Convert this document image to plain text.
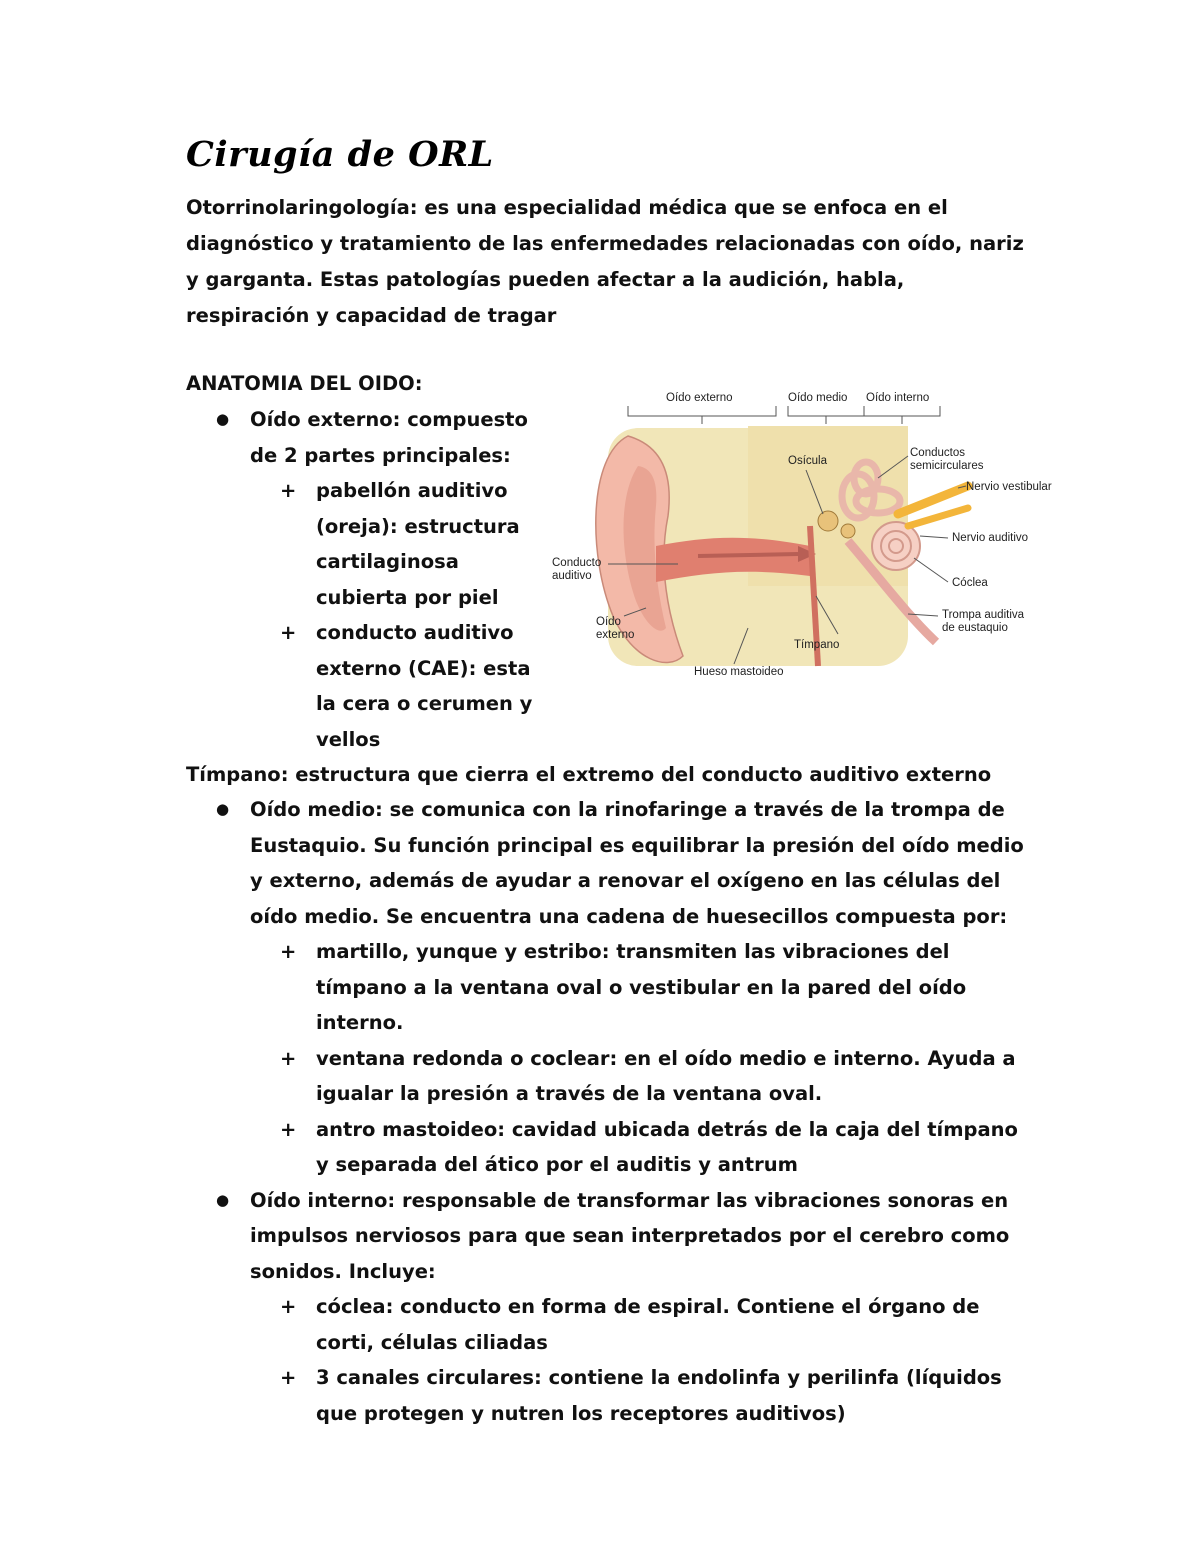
Cirugía de ORL

Otorrinolaringología: es una especialidad médica que se enfoca en el diagnóstico y tratamiento de las enfermedades relacionadas con oído, nariz y garganta. Estas patologías pueden afectar a la audición, habla, respiración y capacidad de tragar

ANATOMIA DEL OIDO:
● Oído externo: compuesto de 2 partes principales:
+ pabellón auditivo (oreja): estructura cartilaginosa cubierta por piel
+ conducto auditivo externo (CAE): esta la cera o cerumen y vellos
Oído externo	Oído medio Oído interno
Osícula
Conductos
semicirculares
Nervio vestibular
Nervio auditivo
Cóclea
Trompa auditiva
de eustaquio
Tímpano
Hueso mastoideo
Conducto
auditivo
Oído
externo

Tímpano: estructura que cierra el extremo del conducto auditivo externo

● Oído medio: se comunica con la rinofaringe a través de la trompa de Eustaquio. Su función principal es equilibrar la presión del oído medio y externo, además de ayudar a renovar el oxígeno en las células del oído medio. Se encuentra una cadena de huesecillos compuesta por:
+ martillo, yunque y estribo: transmiten las vibraciones del tímpano a la ventana oval o vestibular en la pared del oído interno.
+ ventana redonda o coclear: en el oído medio e interno. Ayuda a igualar la presión a través de la ventana oval.
+ antro mastoideo: cavidad ubicada detrás de la caja del tímpano y separada del ático por el auditis y antrum
● Oído interno: responsable de transformar las vibraciones sonoras en impulsos nerviosos para que sean interpretados por el cerebro como sonidos. Incluye:
+ cóclea: conducto en forma de espiral. Contiene el órgano de corti, células ciliadas
+ 3 canales circulares: contiene la endolinfa y perilinfa (líquidos que protegen y nutren los receptores auditivos)
